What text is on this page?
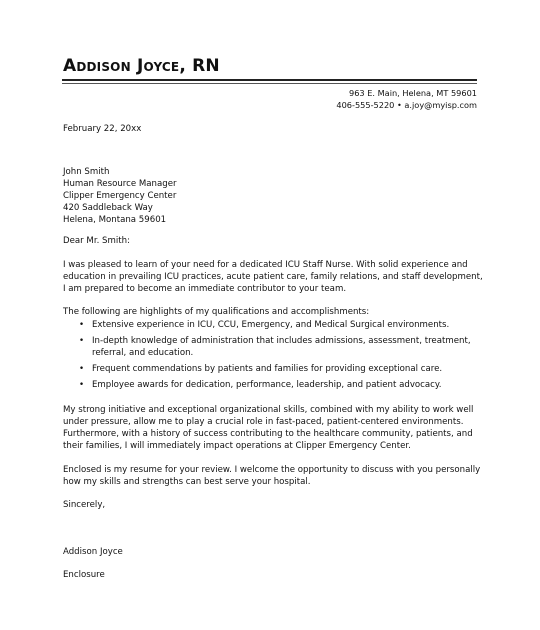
Addison Joyce, RN
963 E. Main, Helena, MT 59601
406-555-5220 • a.joy@myisp.com
February 22, 20xx
John Smith
Human Resource Manager
Clipper Emergency Center
420 Saddleback Way
Helena, Montana 59601
Dear Mr. Smith:
I was pleased to learn of your need for a dedicated ICU Staff Nurse. With solid experience and
education in prevailing ICU practices, acute patient care, family relations, and staff development,
I am prepared to become an immediate contributor to your team.
The following are highlights of my qualifications and accomplishments:
• Extensive experience in ICU, CCU, Emergency, and Medical Surgical environments.
• In-depth knowledge of administration that includes admissions, assessment, treatment,
referral, and education.
• Frequent commendations by patients and families for providing exceptional care.
• Employee awards for dedication, performance, leadership, and patient advocacy.
My strong initiative and exceptional organizational skills, combined with my ability to work well
under pressure, allow me to play a crucial role in fast-paced, patient-centered environments.
Furthermore, with a history of success contributing to the healthcare community, patients, and
their families, I will immediately impact operations at Clipper Emergency Center.
Enclosed is my resume for your review. I welcome the opportunity to discuss with you personally
how my skills and strengths can best serve your hospital.
Sincerely,
Addison Joyce
Enclosure
